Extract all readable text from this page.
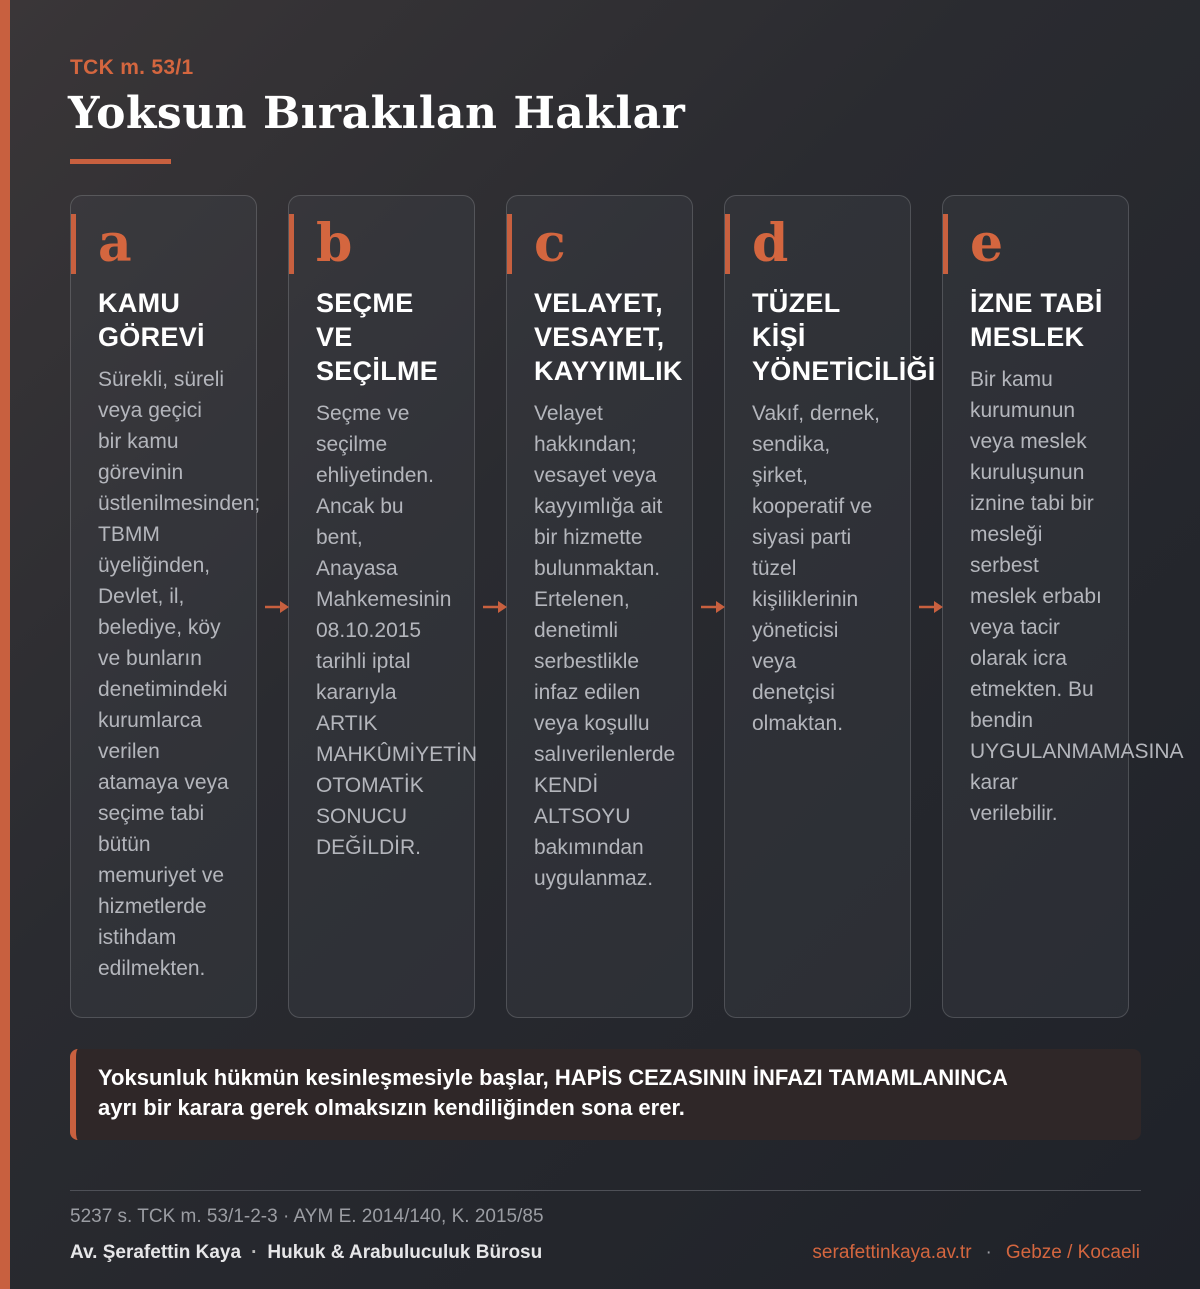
TCK m. 53/1
Yoksun Bırakılan Haklar
a
KAMU
GÖREVİ
Sürekli, süreli
veya geçici
bir kamu
görevinin
üstlenilmesinden;
TBMM
üyeliğinden,
Devlet, il,
belediye, köy
ve bunların
denetimindeki
kurumlarca
verilen
atamaya veya
seçime tabi
bütün
memuriyet ve
hizmetlerde
istihdam
edilmekten.
b
SEÇME
VE
SEÇİLME
Seçme ve
seçilme
ehliyetinden.
Ancak bu
bent,
Anayasa
Mahkemesinin
08.10.2015
tarihli iptal
kararıyla
ARTIK
MAHKÛMİYETİN
OTOMATİK
SONUCU
DEĞİLDİR.
c
VELAYET,
VESAYET,
KAYYIMLIK
Velayet
hakkından;
vesayet veya
kayyımlığa ait
bir hizmette
bulunmaktan.
Ertelenen,
denetimli
serbestlikle
infaz edilen
veya koşullu
salıverilenlerde
KENDİ
ALTSOYU
bakımından
uygulanmaz.
d
TÜZEL
KİŞİ
YÖNETİCİLİĞİ
Vakıf, dernek,
sendika,
şirket,
kooperatif ve
siyasi parti
tüzel
kişiliklerinin
yöneticisi
veya
denetçisi
olmaktan.
e
İZNE TABİ
MESLEK
Bir kamu
kurumunun
veya meslek
kuruluşunun
iznine tabi bir
mesleği
serbest
meslek erbabı
veya tacir
olarak icra
etmekten. Bu
bendin
UYGULANMAMASINA
karar
verilebilir.
Yoksunluk hükmün kesinleşmesiyle başlar, HAPİS CEZASININ İNFAZI TAMAMLANINCA
ayrı bir karara gerek olmaksızın kendiliğinden sona erer.
5237 s. TCK m. 53/1-2-3 · AYM E. 2014/140, K. 2015/85
Av. Şerafettin Kaya · Hukuk & Arabuluculuk Bürosu	serafettinkaya.av.tr · Gebze / Kocaeli
